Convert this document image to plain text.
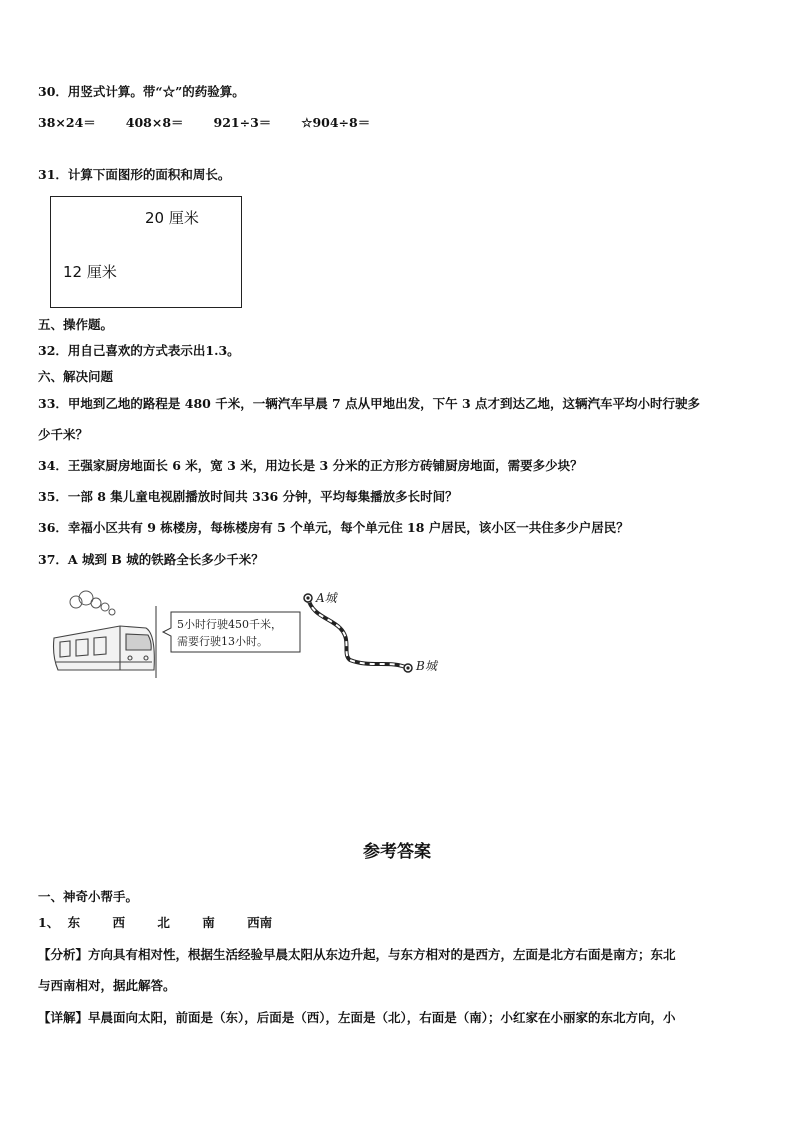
30．用竖式计算。带“☆”的药验算。
38×24＝ 408×8＝ 921÷3＝ ☆904÷8＝
31．计算下面图形的面积和周长。
20 厘米
12 厘米
五、操作题。
32．用自己喜欢的方式表示出1.3。
六、解决问题
33．甲地到乙地的路程是 480 千米，一辆汽车早晨 7 点从甲地出发，下午 3 点才到达乙地，这辆汽车平均小时行驶多
少千米？
34．王强家厨房地面长 6 米，宽 3 米，用边长是 3 分米的正方形方砖铺厨房地面，需要多少块？
35．一部 8 集儿童电视剧播放时间共 336 分钟，平均每集播放多长时间？
36．幸福小区共有 9 栋楼房，每栋楼房有 5 个单元，每个单元住 18 户居民，该小区一共住多少户居民？
37．A 城到 B 城的铁路全长多少千米？
5小时行驶450千米，
需要行驶13小时。
A城
B城
参考答案
一、神奇小帮手。
1、 东	西	北	南	西南
【分析】方向具有相对性，根据生活经验早晨太阳从东边升起，与东方相对的是西方，左面是北方右面是南方；东北
与西南相对，据此解答。
【详解】早晨面向太阳，前面是（东），后面是（西），左面是（北），右面是（南）；小红家在小丽家的东北方向，小
